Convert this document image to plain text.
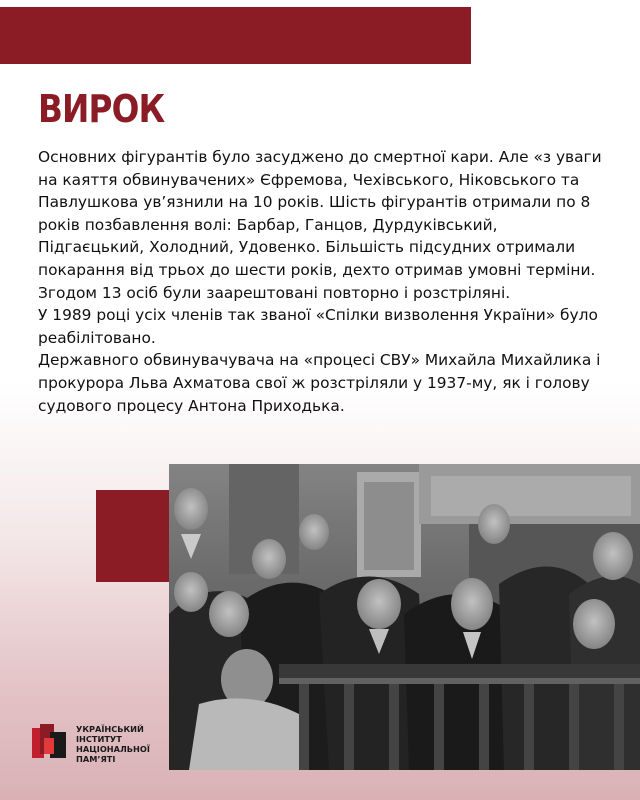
ВИРОК

Основних фігурантів було засуджено до смертної кари. Але «з уваги на каяття обвинувачених» Єфремова, Чехівського, Ніковського та Павлушкова ув’язнили на 10 років. Шість фігурантів отримали по 8 років позбавлення волі: Барбар, Ганцов, Дурдуківський, Підгаєцький, Холодний, Удовенко. Більшість підсудних отримали покарання від трьох до шести років, дехто отримав умовні терміни. Згодом 13 осіб були заарештовані повторно і розстріляні.

У 1989 році усіх членів так званої «Спілки визволення України» було реабілітовано.

Державного обвинувачувача на «процесі СВУ» Михайла Михайлика і прокурора Льва Ахматова свої ж розстріляли у 1937-му, як і голову судового процесу Антона Приходька.

УКРАЇНСЬКИЙ
ІНСТИТУТ
НАЦІОНАЛЬНОЇ
ПАМ’ЯТІ
